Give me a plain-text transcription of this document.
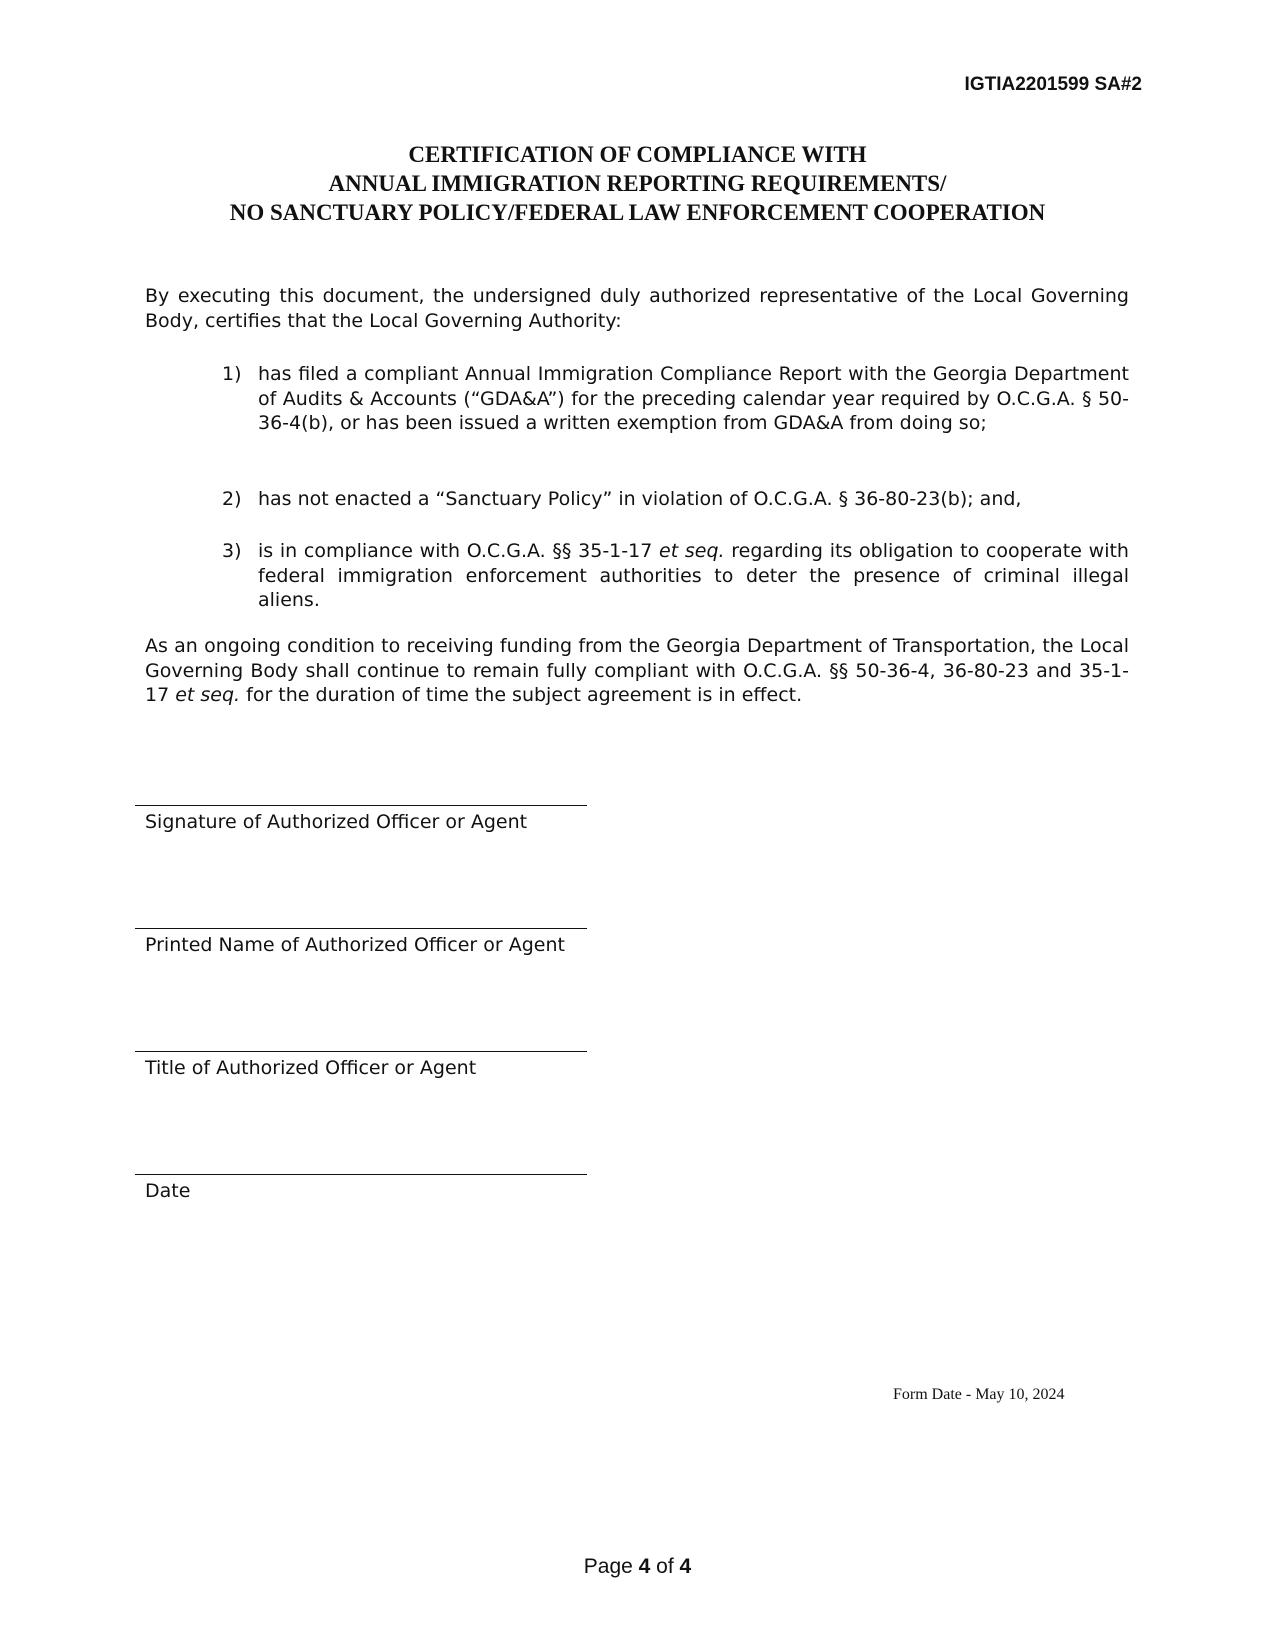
IGTIA2201599 SA#2
CERTIFICATION OF COMPLIANCE WITH
ANNUAL IMMIGRATION REPORTING REQUIREMENTS/
NO SANCTUARY POLICY/FEDERAL LAW ENFORCEMENT COOPERATION

By executing this document, the undersigned duly authorized representative of the Local Governing Body, certifies that the Local Governing Authority:

1) has filed a compliant Annual Immigration Compliance Report with the Georgia Department of Audits & Accounts (“GDA&A”) for the preceding calendar year required by O.C.G.A. § 50-36-4(b), or has been issued a written exemption from GDA&A from doing so;
2) has not enacted a “Sanctuary Policy” in violation of O.C.G.A. § 36-80-23(b); and,
3) is in compliance with O.C.G.A. §§ 35-1-17 et seq. regarding its obligation to cooperate with federal immigration enforcement authorities to deter the presence of criminal illegal aliens.

As an ongoing condition to receiving funding from the Georgia Department of Transportation, the Local Governing Body shall continue to remain fully compliant with O.C.G.A. §§ 50-36-4, 36-80-23 and 35-1-17 et seq. for the duration of time the subject agreement is in effect.

Signature of Authorized Officer or Agent
Printed Name of Authorized Officer or Agent
Title of Authorized Officer or Agent
Date
Form Date - May 10, 2024
Page 4 of 4
